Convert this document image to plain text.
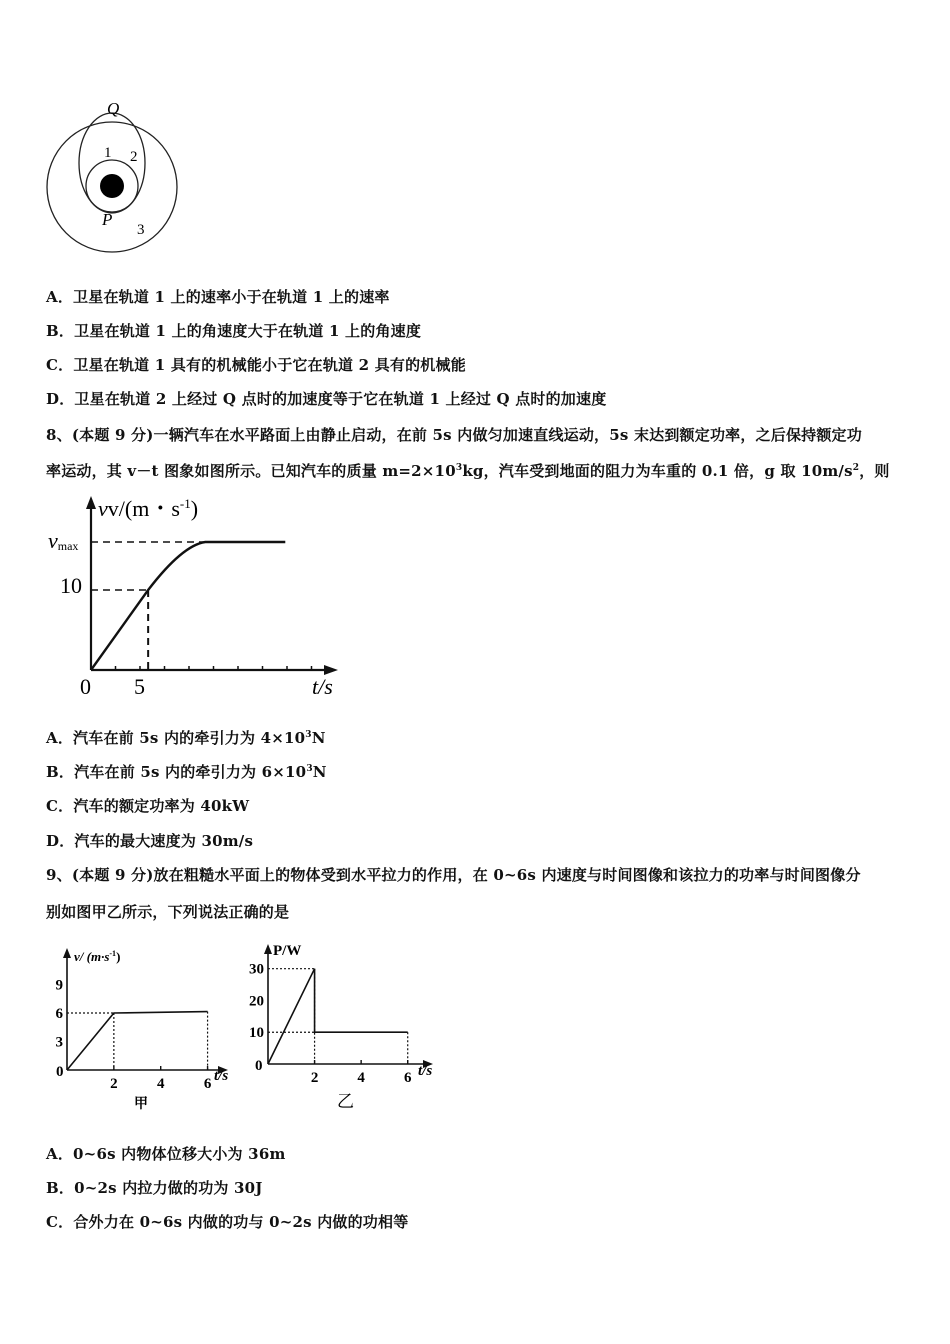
Q
1 2
P
3
A．卫星在轨道 1 上的速率小于在轨道 1 上的速率
B．卫星在轨道 1 上的角速度大于在轨道 1 上的角速度
C．卫星在轨道 1 具有的机械能小于它在轨道 2 具有的机械能
D．卫星在轨道 2 上经过 Q 点时的加速度等于它在轨道 1 上经过 Q 点时的加速度
8、(本题 9 分)一辆汽车在水平路面上由静止启动，在前 5s 内做匀加速直线运动，5s 末达到额定功率，之后保持额定功
率运动，其 v－t 图象如图所示。已知汽车的质量 $m=2\times 10^3kg$，汽车受到地面的阻力为车重的 0.1 倍，g 取 $10m/s^2$，则
vv/(m・$s^{-1}$)
vmax
10
0 5	t/s
A．汽车在前 5s 内的牵引力为 $4\times 10^3N$
B．汽车在前 5s 内的牵引力为 $6\times 10^3N$
C．汽车的额定功率为 40kW
D．汽车的最大速度为 30m/s
9、(本题 9 分)放在粗糙水平面上的物体受到水平拉力的作用，在 0~6s 内速度与时间图像和该拉力的功率与时间图像分
别如图甲乙所示，下列说法正确的是
3
6
9
2	4	6
0
v/ $(m\cdot s^{-1})$
t/s
甲
10
20
30
0
2	4	6
P/W
t/s
乙
A．0~6s 内物体位移大小为 36m
B．0~2s 内拉力做的功为 30J
C．合外力在 0~6s 内做的功与 0~2s 内做的功相等
